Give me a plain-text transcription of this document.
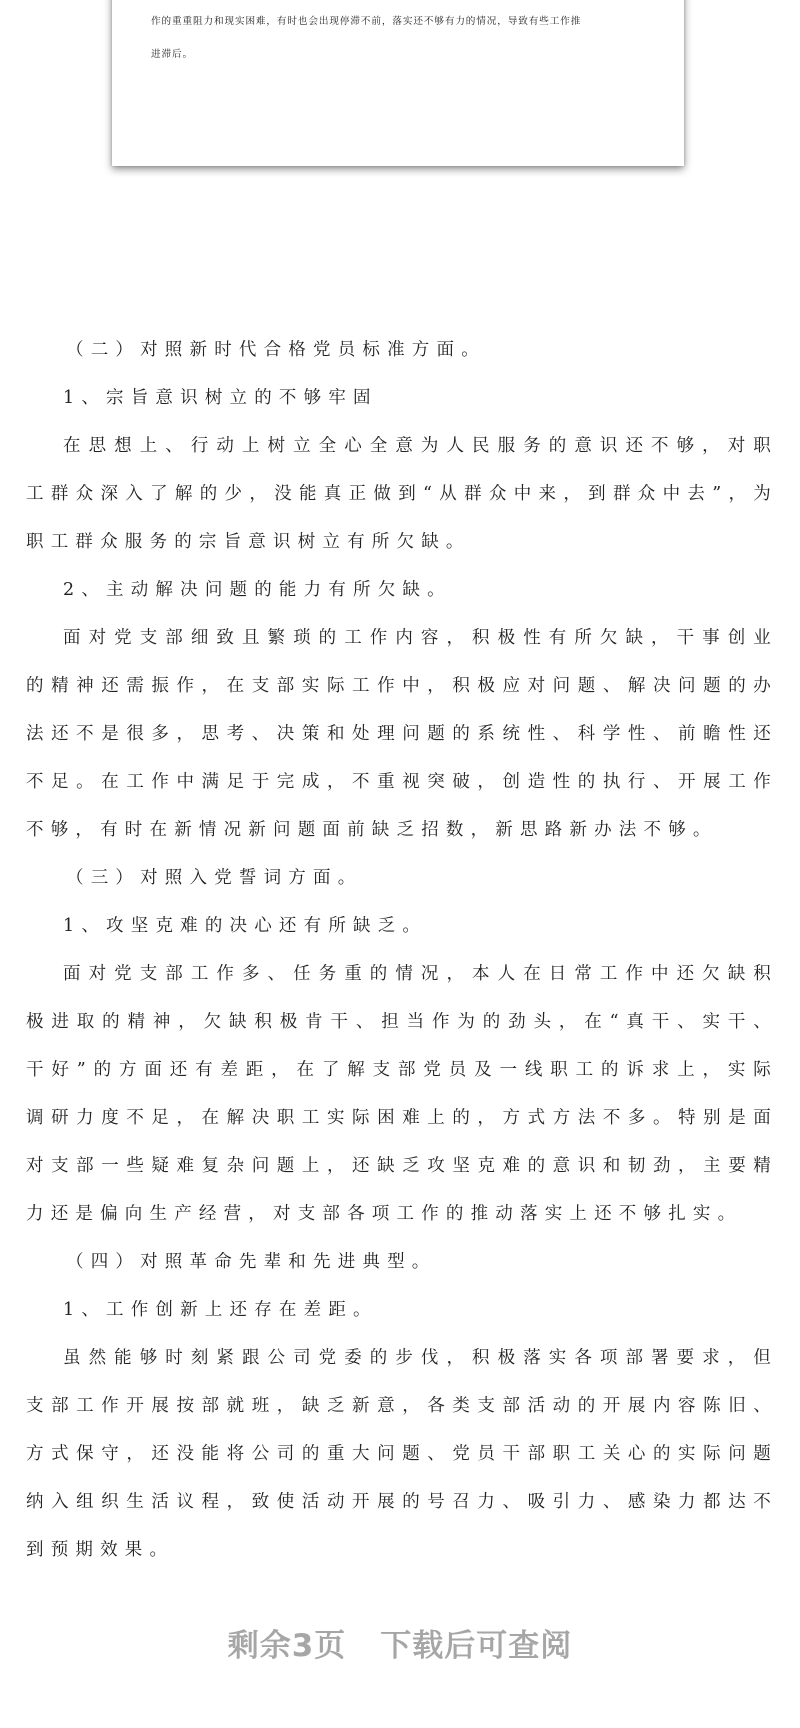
作的重重阻力和现实困难，有时也会出现停滞不前，落实还不够有力的情况，导致有些工作推

进滞后。

（二）对照新时代合格党员标准方面。

1、宗旨意识树立的不够牢固

在思想上、行动上树立全心全意为人民服务的意识还不够，对职工群众深入了解的少，没能真正做到“从群众中来，到群众中去”，为职工群众服务的宗旨意识树立有所欠缺。

2、主动解决问题的能力有所欠缺。

面对党支部细致且繁琐的工作内容，积极性有所欠缺，干事创业的精神还需振作，在支部实际工作中，积极应对问题、解决问题的办法还不是很多，思考、决策和处理问题的系统性、科学性、前瞻性还不足。在工作中满足于完成，不重视突破，创造性的执行、开展工作不够，有时在新情况新问题面前缺乏招数，新思路新办法不够。

（三）对照入党誓词方面。

1、攻坚克难的决心还有所缺乏。

面对党支部工作多、任务重的情况，本人在日常工作中还欠缺积极进取的精神，欠缺积极肯干、担当作为的劲头，在“真干、实干、干好”的方面还有差距，在了解支部党员及一线职工的诉求上，实际调研力度不足，在解决职工实际困难上的，方式方法不多。特别是面对支部一些疑难复杂问题上，还缺乏攻坚克难的意识和韧劲，主要精力还是偏向生产经营，对支部各项工作的推动落实上还不够扎实。

（四）对照革命先辈和先进典型。

1、工作创新上还存在差距。

虽然能够时刻紧跟公司党委的步伐，积极落实各项部署要求，但支部工作开展按部就班，缺乏新意，各类支部活动的开展内容陈旧、方式保守，还没能将公司的重大问题、党员干部职工关心的实际问题纳入组织生活议程，致使活动开展的号召力、吸引力、感染力都达不到预期效果。

剩余3页 下载后可查阅
